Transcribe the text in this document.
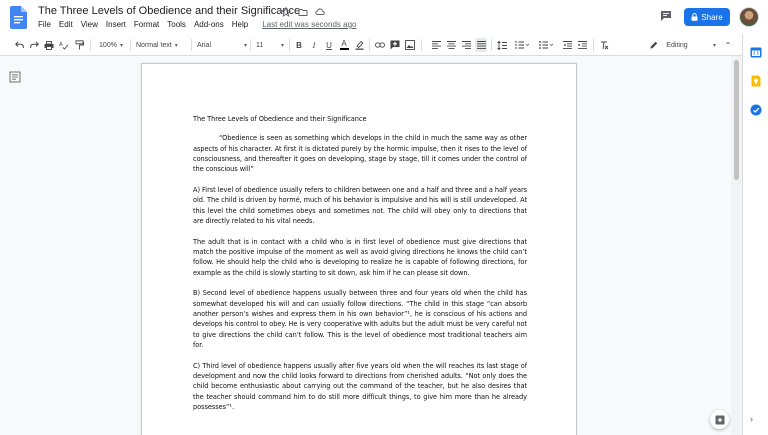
The Three Levels of Obedience and their Significance
File Edit View Insert Format Tools Add-ons Help Last edit was seconds ago
Share
A	100% ▾ Normal text ▾	Arial	▾ 11	▾	B	I	U	A	Editing	▾	⌃

The Three Levels of Obedience and their Significance

“Obedience is seen as something which develops in the child in much the same way as other aspects of his character. At first it is dictated purely by the hormic impulse, then it rises to the level of consciousness, and thereafter it goes on developing, stage by stage, till it comes under the control of the conscious will”

A) First level of obedience usually refers to children between one and a half and three and a half years old. The child is driven by hormé, much of his behavior is impulsive and his will is still undeveloped. At this level the child sometimes obeys and sometimes not. The child will obey only to directions that are directly related to his vital needs.

The adult that is in contact with a child who is in first level of obedience must give directions that match the positive impulse of the moment as well as avoid giving directions he knows the child can’t follow. He should help the child who is developing to realize he is capable of following directions, for example as the child is slowly starting to sit down, ask him if he can please sit down.

B) Second level of obedience happens usually between three and four years old when the child has somewhat developed his will and can usually follow directions. “The child in this stage “can absorb another person’s wishes and express them in his own behavior”¹, he is conscious of his actions and develops his control to obey. He is very cooperative with adults but the adult must be very careful not to give directions the child can’t follow. This is the level of obedience most traditional teachers aim for.

C) Third level of obedience happens usually after five years old when the will reaches its last stage of development and now the child looks forward to directions from cherished adults. “Not only does the child become enthusiastic about carrying out the command of the teacher, but he also desires that the teacher should command him to do still more difficult things, to give him more than he already possesses”¹.

›
